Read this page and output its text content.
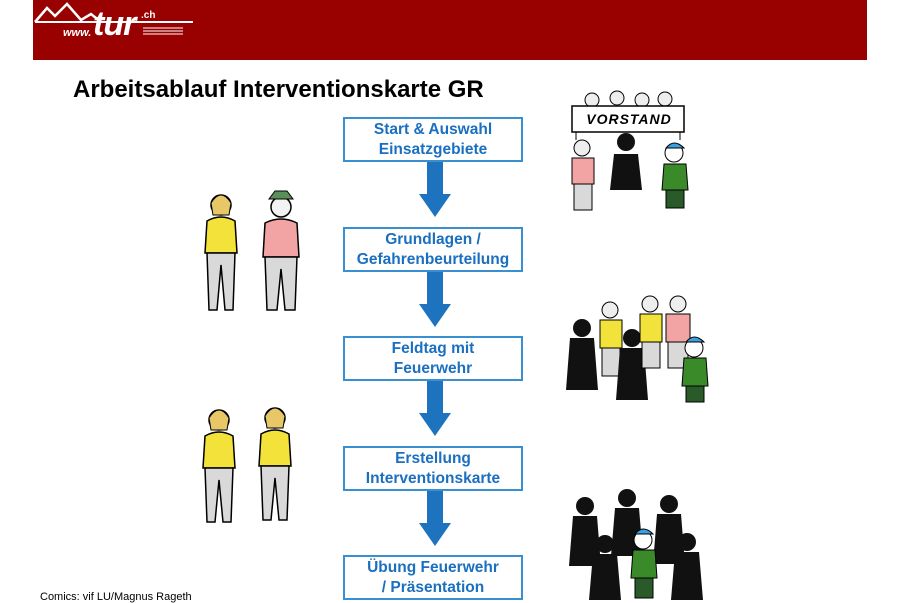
www. tur .ch
Arbeitsablauf Interventionskarte GR
Start & Auswahl
Einsatzgebiete
Grundlagen /
Gefahrenbeurteilung
Feldtag mit
Feuerwehr
Erstellung
Interventionskarte
Übung Feuerwehr
/ Präsentation
VORSTAND
Comics: vif LU/Magnus Rageth
